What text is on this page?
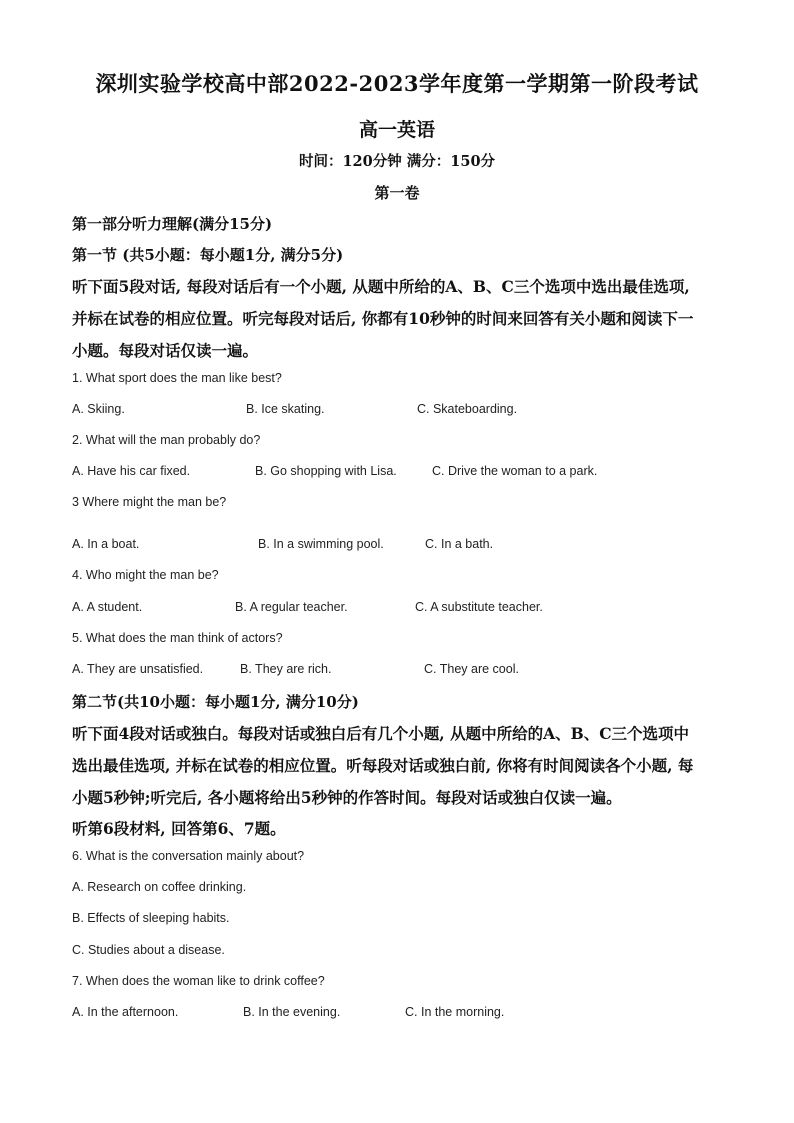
深圳实验学校高中部2022-2023学年度第一学期第一阶段考试
高一英语
时间：120分钟 满分：150分
第一卷
第一部分听力理解(满分15分)
第一节 (共5小题：每小题1分, 满分5分)
听下面5段对话, 每段对话后有一个小题, 从题中所给的A、B、C三个选项中选出最佳选项,
并标在试卷的相应位置。听完每段对话后, 你都有10秒钟的时间来回答有关小题和阅读下一
小题。每段对话仅读一遍。
1. What sport does the man like best?
A. Skiing.	B. Ice skating.	C. Skateboarding.
2. What will the man probably do?
A. Have his car fixed.	B. Go shopping with Lisa.	C. Drive the woman to a park.
3 Where might the man be?
A. In a boat.	B. In a swimming pool.	C. In a bath.
4. Who might the man be?
A. A student.	B. A regular teacher.	C. A substitute teacher.
5. What does the man think of actors?
A. They are unsatisfied.	B. They are rich.	C. They are cool.
第二节(共10小题：每小题1分, 满分10分)
听下面4段对话或独白。每段对话或独白后有几个小题, 从题中所给的A、B、C三个选项中
选出最佳选项, 并标在试卷的相应位置。听每段对话或独白前, 你将有时间阅读各个小题, 每
小题5秒钟;听完后, 各小题将给出5秒钟的作答时间。每段对话或独白仅读一遍。
听第6段材料, 回答第6、7题。
6. What is the conversation mainly about?
A. Research on coffee drinking.
B. Effects of sleeping habits.
C. Studies about a disease.
7. When does the woman like to drink coffee?
A. In the afternoon.	B. In the evening.	C. In the morning.
